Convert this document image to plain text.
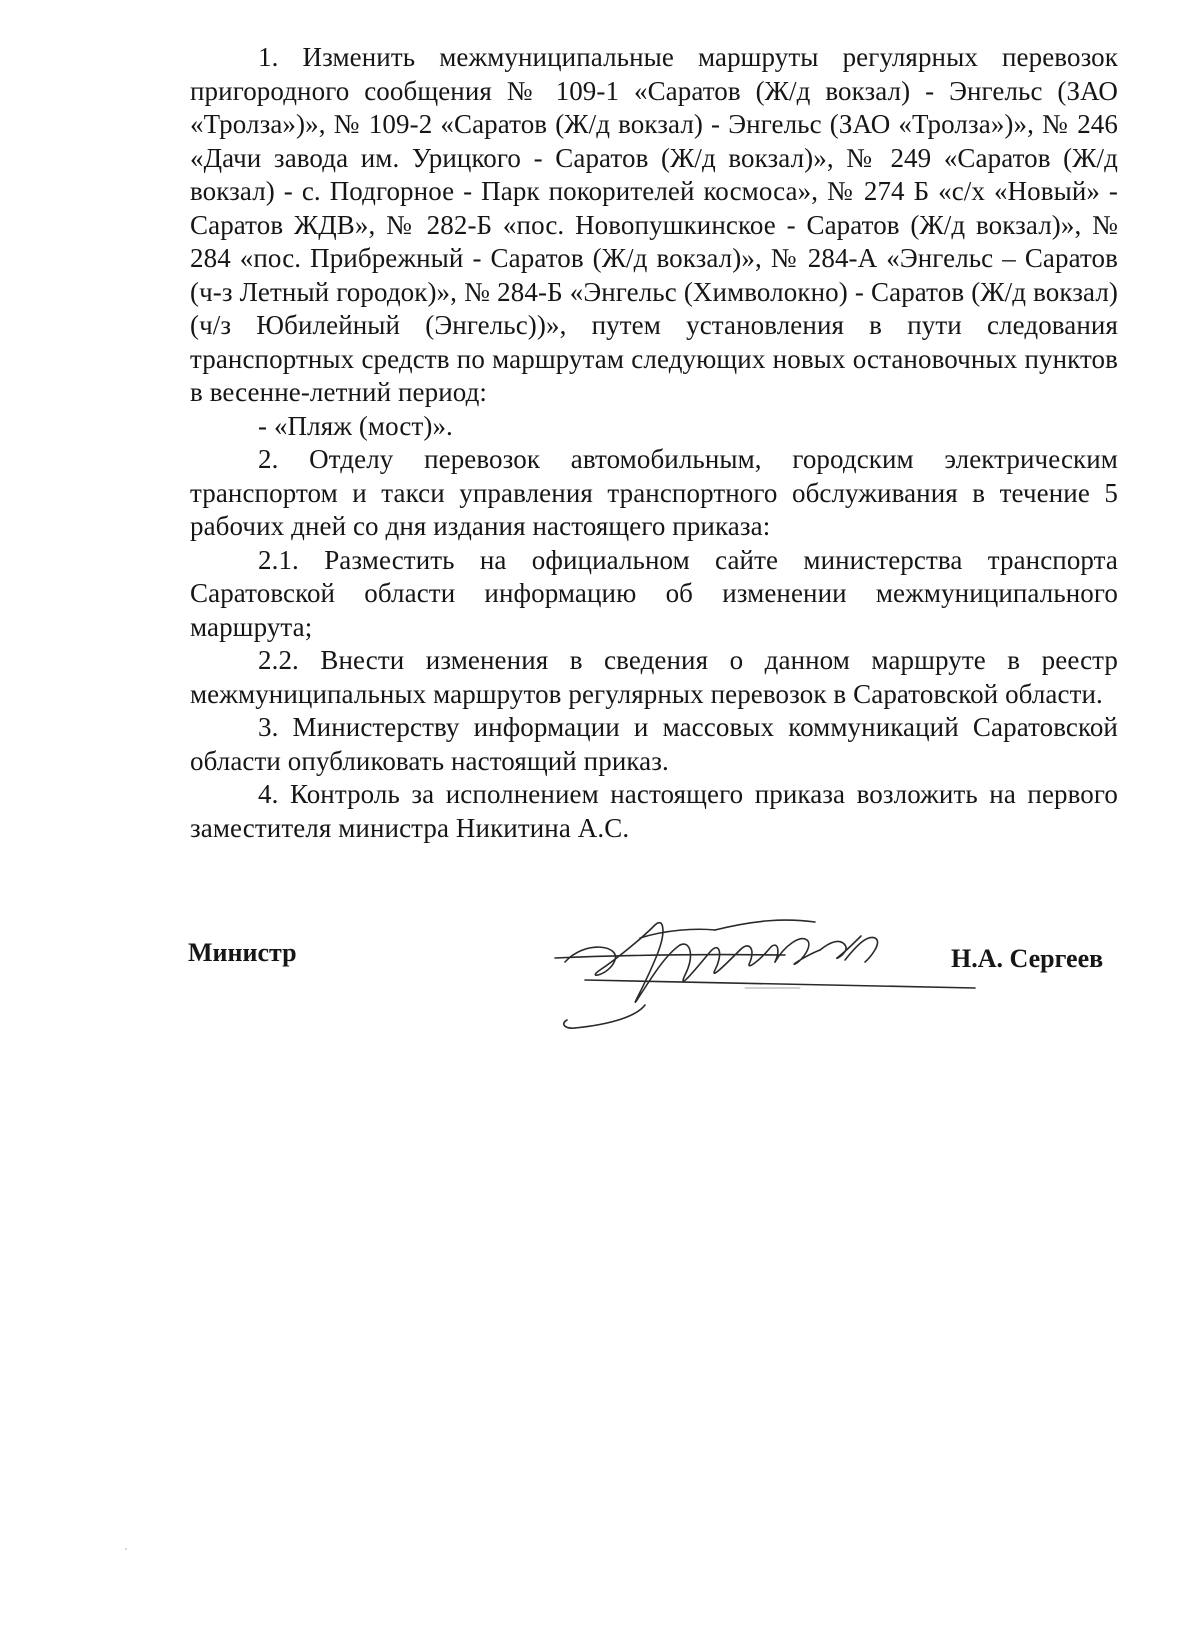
1. Изменить межмуниципальные маршруты регулярных перевозок пригородного сообщения № 109-1 «Саратов (Ж/д вокзал) - Энгельс (ЗАО «Тролза»)», № 109-2 «Саратов (Ж/д вокзал) - Энгельс (ЗАО «Тролза»)», № 246 «Дачи завода им. Урицкого - Саратов (Ж/д вокзал)», № 249 «Саратов (Ж/д вокзал) - с. Подгорное - Парк покорителей космоса», № 274 Б «с/х «Новый» - Саратов ЖДВ», № 282-Б «пос. Новопушкинское - Саратов (Ж/д вокзал)», № 284 «пос. Прибрежный - Саратов (Ж/д вокзал)», № 284-А «Энгельс – Саратов (ч-з Летный городок)», № 284-Б «Энгельс (Химволокно) - Саратов (Ж/д вокзал) (ч/з Юбилейный (Энгельс))», путем установления в пути следования транспортных средств по маршрутам следующих новых остановочных пунктов в весенне-летний период:

- «Пляж (мост)».

2. Отделу перевозок автомобильным, городским электрическим транспортом и такси управления транспортного обслуживания в течение 5 рабочих дней со дня издания настоящего приказа:

2.1. Разместить на официальном сайте министерства транспорта Саратовской области информацию об изменении межмуниципального маршрута;

2.2. Внести изменения в сведения о данном маршруте в реестр межмуниципальных маршрутов регулярных перевозок в Саратовской области.

3. Министерству информации и массовых коммуникаций Саратовской области опубликовать настоящий приказ.

4. Контроль за исполнением настоящего приказа возложить на первого заместителя министра Никитина А.С.

Министр	Н.А. Сергеев
